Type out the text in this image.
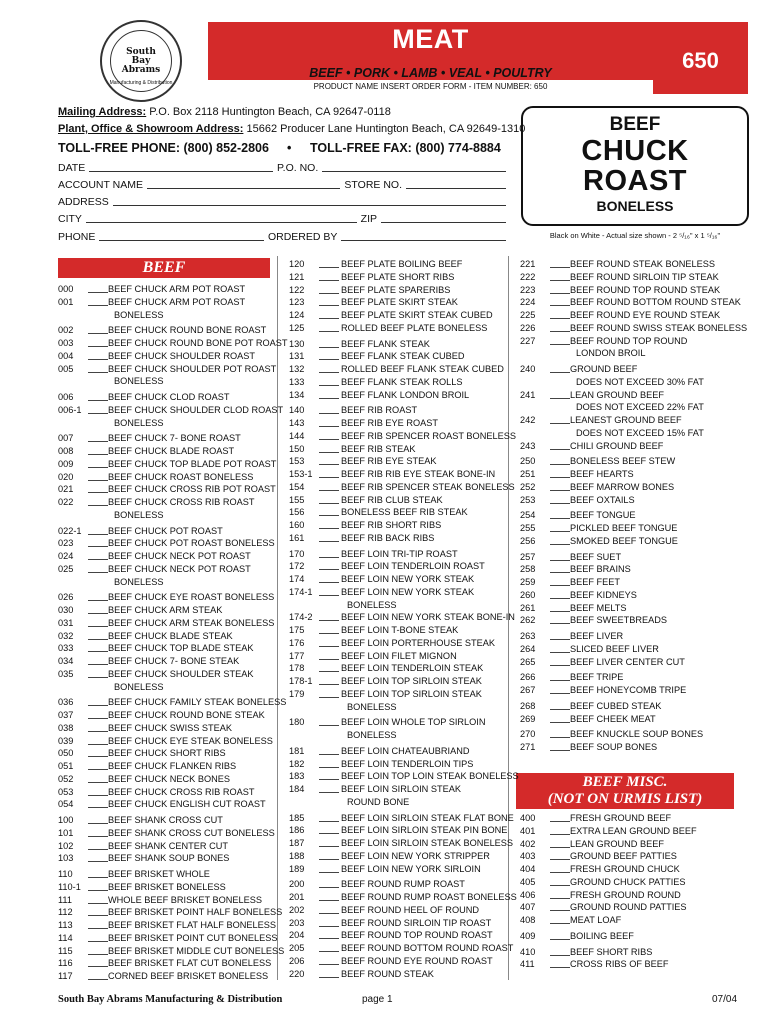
South
Bay
Abrams
Manufacturing & Distribution
MEAT
BEEF • PORK • LAMB • VEAL • POULTRY
PRODUCT NAME INSERT ORDER FORM - ITEM NUMBER: 650
650
Mailing Address: P.O. Box 2118 Huntington Beach, CA 92647-0118
Plant, Office & Showroom Address: 15662 Producer Lane Huntington Beach, CA 92649-1310
TOLL-FREE PHONE: (800) 852-2806 • TOLL-FREE FAX: (800) 774-8884
DATE	P.O. NO.
ACCOUNT NAME	STORE NO.
ADDRESS
CITY	ZIP
PHONE	ORDERED BY
BEEF
CHUCK
ROAST
BONELESS
Black on White - Actual size shown - 2 ⁵/₁₆" x 1 ⁵/₁₆"
BEEF
BEEF MISC.
(NOT ON URMIS LIST)
000	BEEF CHUCK ARM POT ROAST
001	BEEF CHUCK ARM POT ROAST
BONELESS
002	BEEF CHUCK ROUND BONE ROAST
003	BEEF CHUCK ROUND BONE POT ROAST
004	BEEF CHUCK SHOULDER ROAST
005	BEEF CHUCK SHOULDER POT ROAST
BONELESS
006	BEEF CHUCK CLOD ROAST
006-1	BEEF CHUCK SHOULDER CLOD ROAST
BONELESS
007	BEEF CHUCK 7- BONE ROAST
008	BEEF CHUCK BLADE ROAST
009	BEEF CHUCK TOP BLADE POT ROAST
020	BEEF CHUCK ROAST BONELESS
021	BEEF CHUCK CROSS RIB POT ROAST
022	BEEF CHUCK CROSS RIB ROAST
BONELESS
022-1	BEEF CHUCK POT ROAST
023	BEEF CHUCK POT ROAST BONELESS
024	BEEF CHUCK NECK POT ROAST
025	BEEF CHUCK NECK POT ROAST
BONELESS
026	BEEF CHUCK EYE ROAST BONELESS
030	BEEF CHUCK ARM STEAK
031	BEEF CHUCK ARM STEAK BONELESS
032	BEEF CHUCK BLADE STEAK
033	BEEF CHUCK TOP BLADE STEAK
034	BEEF CHUCK 7- BONE STEAK
035	BEEF CHUCK SHOULDER STEAK
BONELESS
036	BEEF CHUCK FAMILY STEAK BONELESS
037	BEEF CHUCK ROUND BONE STEAK
038	BEEF CHUCK SWISS STEAK
039	BEEF CHUCK EYE STEAK BONELESS
050	BEEF CHUCK SHORT RIBS
051	BEEF CHUCK FLANKEN RIBS
052	BEEF CHUCK NECK BONES
053	BEEF CHUCK CROSS RIB ROAST
054	BEEF CHUCK ENGLISH CUT ROAST
100	BEEF SHANK CROSS CUT
101	BEEF SHANK CROSS CUT BONELESS
102	BEEF SHANK CENTER CUT
103	BEEF SHANK SOUP BONES
110	BEEF BRISKET WHOLE
110-1	BEEF BRISKET BONELESS
111	WHOLE BEEF BRISKET BONELESS
112	BEEF BRISKET POINT HALF BONELESS
113	BEEF BRISKET FLAT HALF BONELESS
114	BEEF BRISKET POINT CUT BONELESS
115	BEEF BRISKET MIDDLE CUT BONELESS
116	BEEF BRISKET FLAT CUT BONELESS
117	CORNED BEEF BRISKET BONELESS
120	BEEF PLATE BOILING BEEF
121	BEEF PLATE SHORT RIBS
122	BEEF PLATE SPARERIBS
123	BEEF PLATE SKIRT STEAK
124	BEEF PLATE SKIRT STEAK CUBED
125	ROLLED BEEF PLATE BONELESS
130	BEEF FLANK STEAK
131	BEEF FLANK STEAK CUBED
132	ROLLED BEEF FLANK STEAK CUBED
133	BEEF FLANK STEAK ROLLS
134	BEEF FLANK LONDON BROIL
140	BEEF RIB ROAST
143	BEEF RIB EYE ROAST
144	BEEF RIB SPENCER ROAST BONELESS
150	BEEF RIB STEAK
153	BEEF RIB EYE STEAK
153-1	BEEF RIB RIB EYE STEAK BONE-IN
154	BEEF RIB SPENCER STEAK BONELESS
155	BEEF RIB CLUB STEAK
156	BONELESS BEEF RIB STEAK
160	BEEF RIB SHORT RIBS
161	BEEF RIB BACK RIBS
170	BEEF LOIN TRI-TIP ROAST
172	BEEF LOIN TENDERLOIN ROAST
174	BEEF LOIN NEW YORK STEAK
174-1	BEEF LOIN NEW YORK STEAK
BONELESS
174-2	BEEF LOIN NEW YORK STEAK BONE-IN
175	BEEF LOIN T-BONE STEAK
176	BEEF LOIN PORTERHOUSE STEAK
177	BEEF LOIN FILET MIGNON
178	BEEF LOIN TENDERLOIN STEAK
178-1	BEEF LOIN TOP SIRLOIN STEAK
179	BEEF LOIN TOP SIRLOIN STEAK
BONELESS
180	BEEF LOIN WHOLE TOP SIRLOIN
BONELESS
181	BEEF LOIN CHATEAUBRIAND
182	BEEF LOIN TENDERLOIN TIPS
183	BEEF LOIN TOP LOIN STEAK BONELESS
184	BEEF LOIN SIRLOIN STEAK
ROUND BONE
185	BEEF LOIN SIRLOIN STEAK FLAT BONE
186	BEEF LOIN SIRLOIN STEAK PIN BONE
187	BEEF LOIN SIRLOIN STEAK BONELESS
188	BEEF LOIN NEW YORK STRIPPER
189	BEEF LOIN NEW YORK SIRLOIN
200	BEEF ROUND RUMP ROAST
201	BEEF ROUND RUMP ROAST BONELESS
202	BEEF ROUND HEEL OF ROUND
203	BEEF ROUND SIRLOIN TIP ROAST
204	BEEF ROUND TOP ROUND ROAST
205	BEEF ROUND BOTTOM ROUND ROAST
206	BEEF ROUND EYE ROUND ROAST
220	BEEF ROUND STEAK
221	BEEF ROUND STEAK BONELESS
222	BEEF ROUND SIRLOIN TIP STEAK
223	BEEF ROUND TOP ROUND STEAK
224	BEEF ROUND BOTTOM ROUND STEAK
225	BEEF ROUND EYE ROUND STEAK
226	BEEF ROUND SWISS STEAK BONELESS
227	BEEF ROUND TOP ROUND
LONDON BROIL
240	GROUND BEEF
DOES NOT EXCEED 30% FAT
241	LEAN GROUND BEEF
DOES NOT EXCEED 22% FAT
242	LEANEST GROUND BEEF
DOES NOT EXCEED 15% FAT
243	CHILI GROUND BEEF
250	BONELESS BEEF STEW
251	BEEF HEARTS
252	BEEF MARROW BONES
253	BEEF OXTAILS
254	BEEF TONGUE
255	PICKLED BEEF TONGUE
256	SMOKED BEEF TONGUE
257	BEEF SUET
258	BEEF BRAINS
259	BEEF FEET
260	BEEF KIDNEYS
261	BEEF MELTS
262	BEEF SWEETBREADS
263	BEEF LIVER
264	SLICED BEEF LIVER
265	BEEF LIVER CENTER CUT
266	BEEF TRIPE
267	BEEF HONEYCOMB TRIPE
268	BEEF CUBED STEAK
269	BEEF CHEEK MEAT
270	BEEF KNUCKLE SOUP BONES
271	BEEF SOUP BONES
400	FRESH GROUND BEEF
401	EXTRA LEAN GROUND BEEF
402	LEAN GROUND BEEF
403	GROUND BEEF PATTIES
404	FRESH GROUND CHUCK
405	GROUND CHUCK PATTIES
406	FRESH GROUND ROUND
407	GROUND ROUND PATTIES
408	MEAT LOAF
409	BOILING BEEF
410	BEEF SHORT RIBS
411	CROSS RIBS OF BEEF
South Bay Abrams Manufacturing & Distribution	page 1	07/04
